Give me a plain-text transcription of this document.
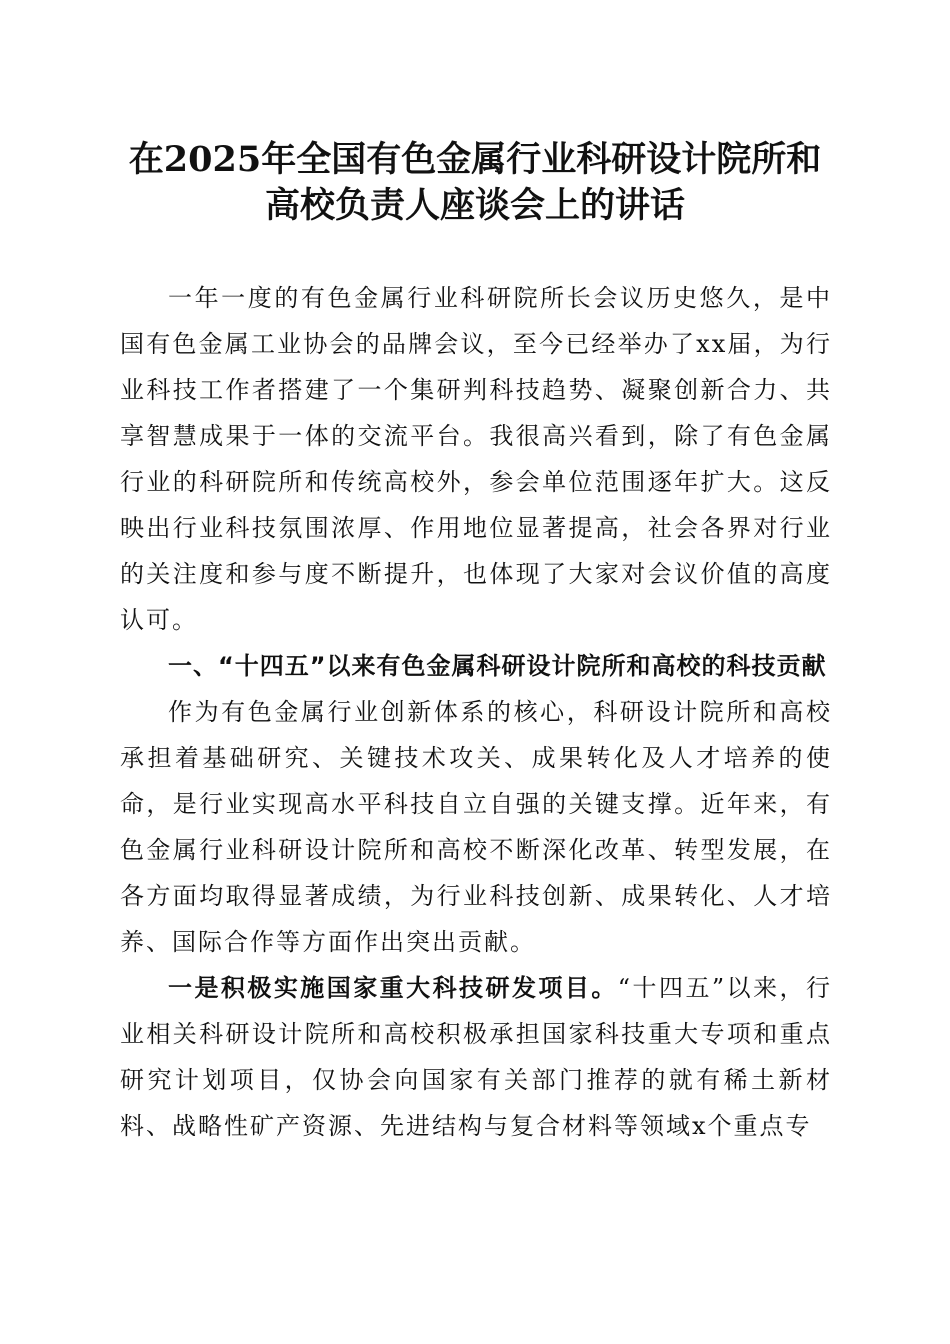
在2025年全国有色金属行业科研设计院所和
高校负责人座谈会上的讲话

一年一度的有色金属行业科研院所长会议历史悠久，是中国有色金属工业协会的品牌会议，至今已经举办了xx届，为行业科技工作者搭建了一个集研判科技趋势、凝聚创新合力、共享智慧成果于一体的交流平台。我很高兴看到，除了有色金属行业的科研院所和传统高校外，参会单位范围逐年扩大。这反映出行业科技氛围浓厚、作用地位显著提高，社会各界对行业的关注度和参与度不断提升，也体现了大家对会议价值的高度认可。

一、“十四五”以来有色金属科研设计院所和高校的科技贡献

作为有色金属行业创新体系的核心，科研设计院所和高校承担着基础研究、关键技术攻关、成果转化及人才培养的使命，是行业实现高水平科技自立自强的关键支撑。近年来，有色金属行业科研设计院所和高校不断深化改革、转型发展，在各方面均取得显著成绩，为行业科技创新、成果转化、人才培养、国际合作等方面作出突出贡献。

一是积极实施国家重大科技研发项目。“十四五”以来，行业相关科研设计院所和高校积极承担国家科技重大专项和重点研究计划项目，仅协会向国家有关部门推荐的就有稀土新材料、战略性矿产资源、先进结构与复合材料等领域x个重点专
